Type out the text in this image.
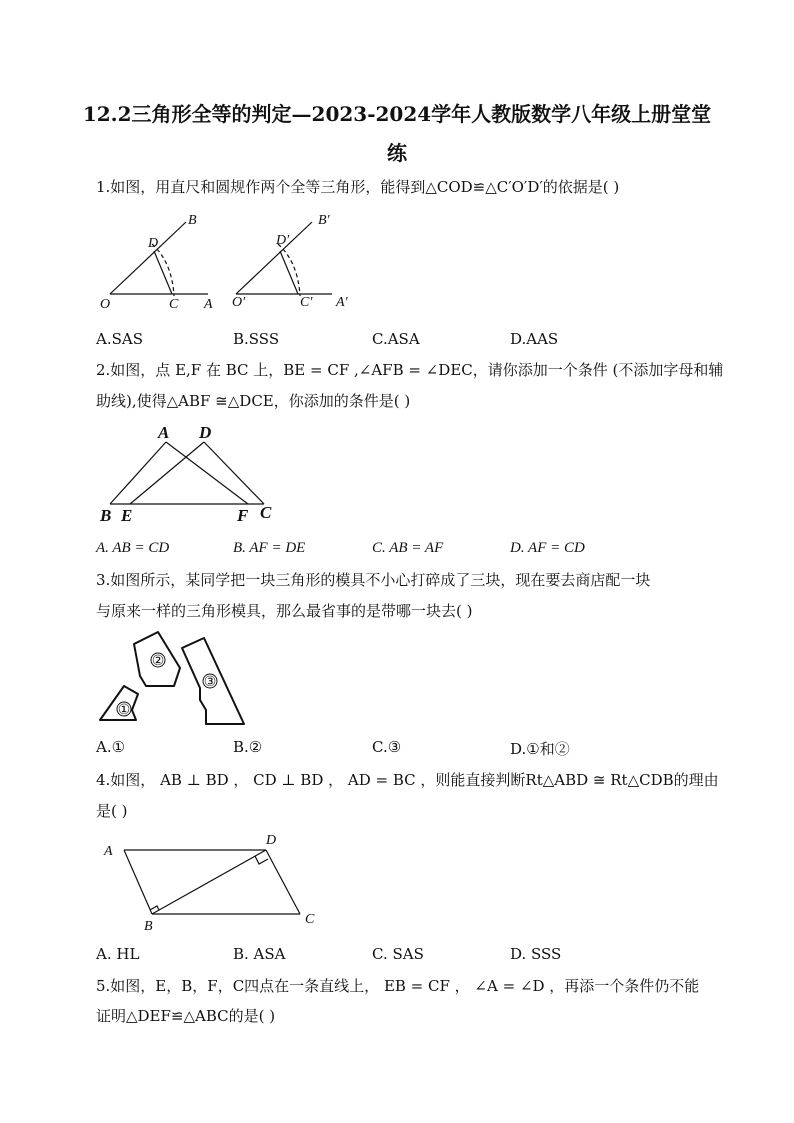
12.2三角形全等的判定—2023-2024学年人教版数学八年级上册堂堂
练
1.如图，用直尺和圆规作两个全等三角形，能得到△COD≌△C′O′D′的依据是( )
B
D
O	C A
B′
D′
O′	C′ A′
A.SAS	B.SSS	C.ASA	D.AAS
2.如图，点 E,F 在 BC 上，BE = CF ,∠AFB = ∠DEC，请你添加一个条件 (不添加字母和辅
助线),使得△ABF ≅△DCE，你添加的条件是( )
A D
B E	F C
A. AB = CD	B. AF = DE	C. AB = AF	D. AF = CD
3.如图所示，某同学把一块三角形的模具不小心打碎成了三块，现在要去商店配一块
与原来一样的三角形模具，那么最省事的是带哪一块去( )
②
③
①
A.①	B.②	C.③	D.①和②
4.如图， AB ⊥ BD ， CD ⊥ BD ， AD = BC ，则能直接判断Rt△ABD ≅ Rt△CDB的理由
是( )
A
D
B	C
A. HL	B. ASA	C. SAS	D. SSS
5.如图，E，B，F，C四点在一条直线上， EB = CF ， ∠A = ∠D ，再添一个条件仍不能
证明△DEF≌△ABC的是( )
